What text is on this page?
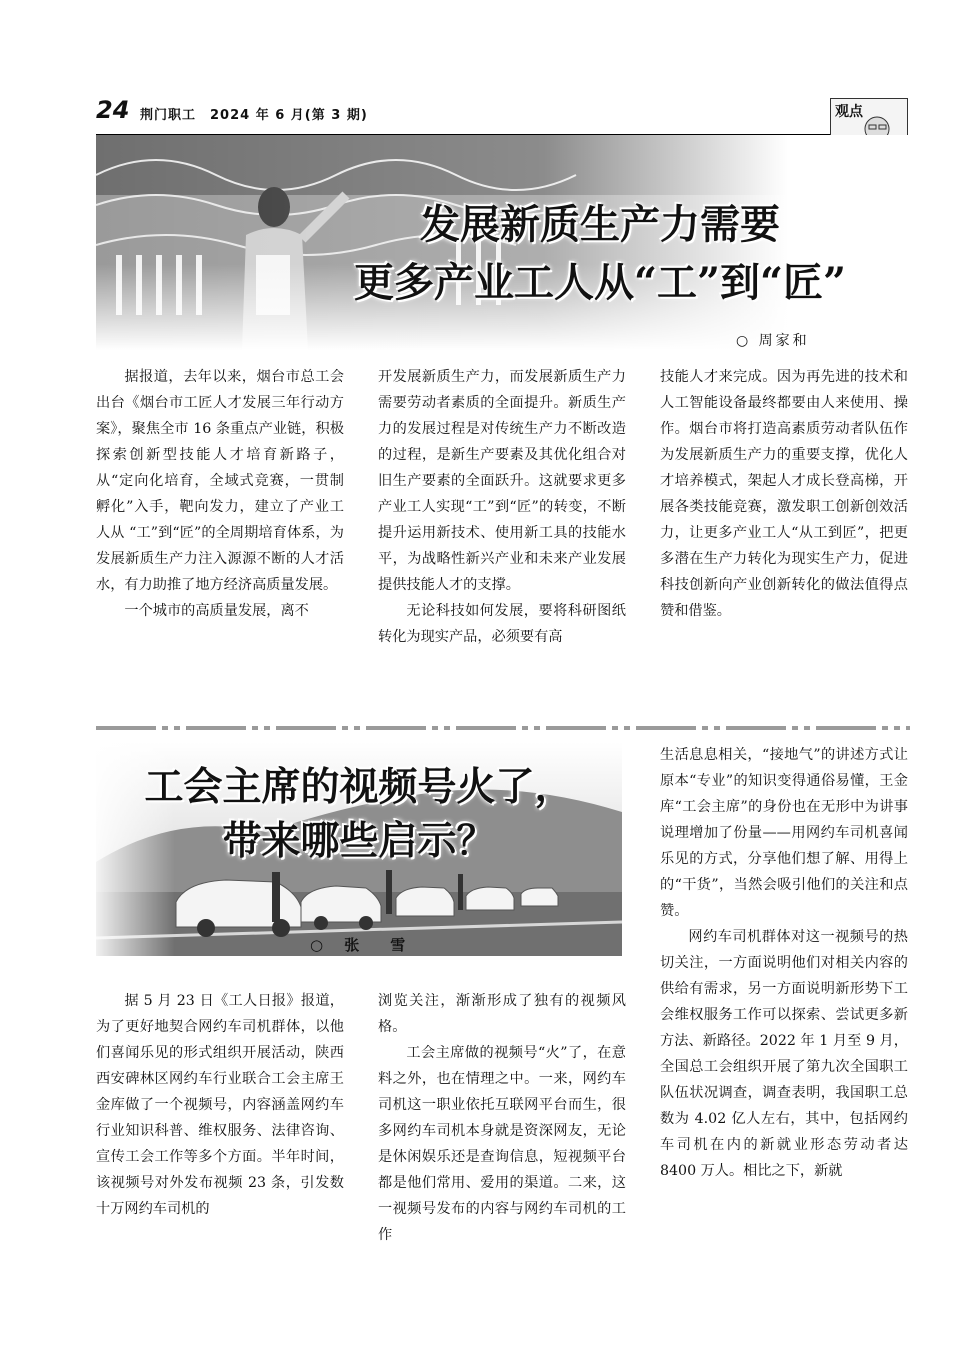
24 荆门职工　2024 年 6 月(第 3 期)	观点
发展新质生产力需要
更多产业工人从“工”到“匠”
○ 周家和

据报道，去年以来，烟台市总工会出台《烟台市工匠人才发展三年行动方案》，聚焦全市 16 条重点产业链，积极探索创新型技能人才培育新路子，从“定向化培育，全域式竞赛，一贯制孵化”入手，靶向发力，建立了产业工人从 “工”到“匠”的全周期培育体系，为发展新质生产力注入源源不断的人才活水，有力助推了地方经济高质量发展。

一个城市的高质量发展，离不

开发展新质生产力，而发展新质生产力需要劳动者素质的全面提升。新质生产力的发展过程是对传统生产力不断改造的过程，是新生产要素及其优化组合对旧生产要素的全面跃升。这就要求更多产业工人实现“工”到“匠”的转变，不断提升运用新技术、使用新工具的技能水平，为战略性新兴产业和未来产业发展提供技能人才的支撑。

无论科技如何发展，要将科研图纸转化为现实产品，必须要有高

技能人才来完成。因为再先进的技术和人工智能设备最终都要由人来使用、操作。烟台市将打造高素质劳动者队伍作为发展新质生产力的重要支撑，优化人才培养模式，架起人才成长登高梯，开展各类技能竞赛，激发职工创新创效活力，让更多产业工人“从工到匠”，把更多潜在生产力转化为现实生产力，促进科技创新向产业创新转化的做法值得点赞和借鉴。

工会主席的视频号火了，
带来哪些启示？
○ 张　雪

据 5 月 23 日《工人日报》报道，为了更好地契合网约车司机群体，以他们喜闻乐见的形式组织开展活动，陕西西安碑林区网约车行业联合工会主席王金库做了一个视频号，内容涵盖网约车行业知识科普、维权服务、法律咨询、宣传工会工作等多个方面。半年时间，该视频号对外发布视频 23 条，引发数十万网约车司机的

浏览关注，渐渐形成了独有的视频风格。

工会主席做的视频号“火”了，在意料之外，也在情理之中。一来，网约车司机这一职业依托互联网平台而生，很多网约车司机本身就是资深网友，无论是休闲娱乐还是查询信息，短视频平台都是他们常用、爱用的渠道。二来，这一视频号发布的内容与网约车司机的工作

生活息息相关，“接地气”的讲述方式让原本“专业”的知识变得通俗易懂，王金库“工会主席”的身份也在无形中为讲事说理增加了份量——用网约车司机喜闻乐见的方式，分享他们想了解、用得上的“干货”，当然会吸引他们的关注和点赞。

网约车司机群体对这一视频号的热切关注，一方面说明他们对相关内容的供给有需求，另一方面说明新形势下工会维权服务工作可以探索、尝试更多新方法、新路径。2022 年 1 月至 9 月，全国总工会组织开展了第九次全国职工队伍状况调查，调查表明，我国职工总数为 4.02 亿人左右，其中，包括网约车司机在内的新就业形态劳动者达 8400 万人。相比之下，新就
